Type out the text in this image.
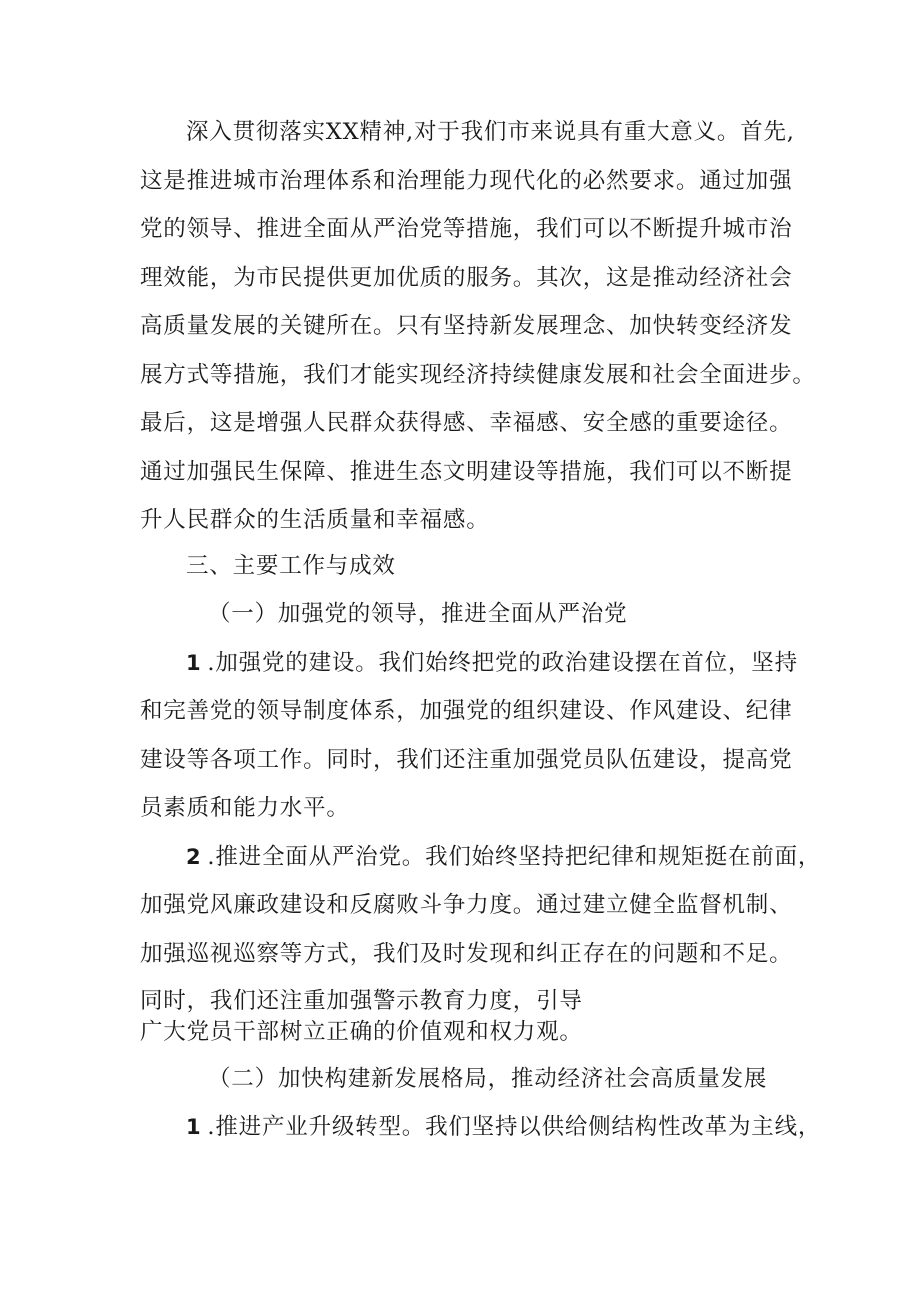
深入贯彻落实XX精神,对于我们市来说具有重大意义。首先,
这是推进城市治理体系和治理能力现代化的必然要求。通过加强
党的领导、推进全面从严治党等措施，我们可以不断提升城市治
理效能，为市民提供更加优质的服务。其次，这是推动经济社会
高质量发展的关键所在。只有坚持新发展理念、加快转变经济发
展方式等措施，我们才能实现经济持续健康发展和社会全面进步。
最后，这是增强人民群众获得感、幸福感、安全感的重要途径。
通过加强民生保障、推进生态文明建设等措施，我们可以不断提
升人民群众的生活质量和幸福感。
三、主要工作与成效
（一）加强党的领导，推进全面从严治党
1 .加强党的建设。我们始终把党的政治建设摆在首位，坚持
和完善党的领导制度体系，加强党的组织建设、作风建设、纪律
建设等各项工作。同时，我们还注重加强党员队伍建设，提高党
员素质和能力水平。
2 .推进全面从严治党。我们始终坚持把纪律和规矩挺在前面，
加强党风廉政建设和反腐败斗争力度。通过建立健全监督机制、
加强巡视巡察等方式，我们及时发现和纠正存在的问题和不足。
同时，我们还注重加强警示教育力度，引导
广大党员干部树立正确的价值观和权力观。
（二）加快构建新发展格局，推动经济社会高质量发展
1 .推进产业升级转型。我们坚持以供给侧结构性改革为主线，
